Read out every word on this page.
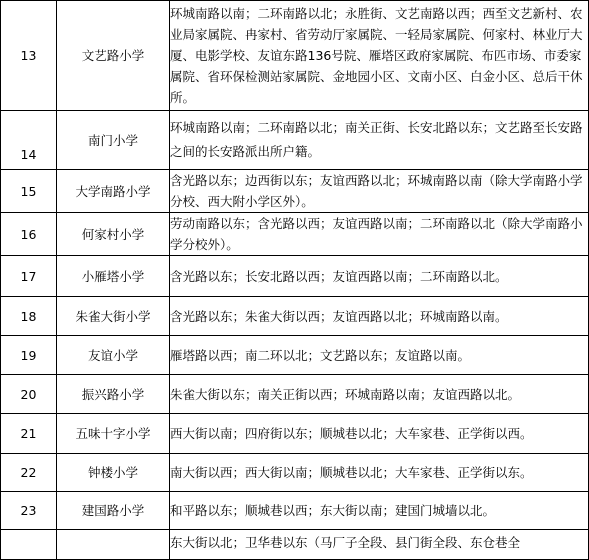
13	文艺路小学	环城南路以南；二环南路以北；永胜街、文艺南路以西；西至文艺新村、农业局家属院、冉家村、省劳动厅家属院、一轻局家属院、何家村、林业厅大厦、电影学校、友谊东路136号院、雁塔区政府家属院、布匹市场、市委家属院、省环保检测站家属院、金地园小区、文南小区、白金小区、总后干休所。
14	南门小学	环城南路以南；二环南路以北；南关正街、长安北路以东；文艺路至长安路之间的长安路派出所户籍。
15	大学南路小学	含光路以东；边西街以东；友谊西路以北；环城南路以南（除大学南路小学分校、西大附小学区外）。
16	何家村小学	劳动南路以东；含光路以西；友谊西路以南；二环南路以北（除大学南路小学分校外）。
17	小雁塔小学	含光路以东；长安北路以西；友谊西路以南；二环南路以北。
18	朱雀大街小学	含光路以东；朱雀大街以西；友谊西路以北；环城南路以南。
19	友谊小学	雁塔路以西；南二环以北；文艺路以东；友谊路以南。
20	振兴路小学	朱雀大街以东；南关正街以西；环城南路以南；友谊西路以北。
21	五味十字小学	西大街以南；四府街以东；顺城巷以北；大车家巷、正学街以西。
22	钟楼小学	南大街以西；西大街以南；顺城巷以北；大车家巷、正学街以东。
23	建国路小学	和平路以东；顺城巷以西；东大街以南；建国门城墙以北。
		东大街以北；卫华巷以东（马厂子全段、县门街全段、东仓巷全
